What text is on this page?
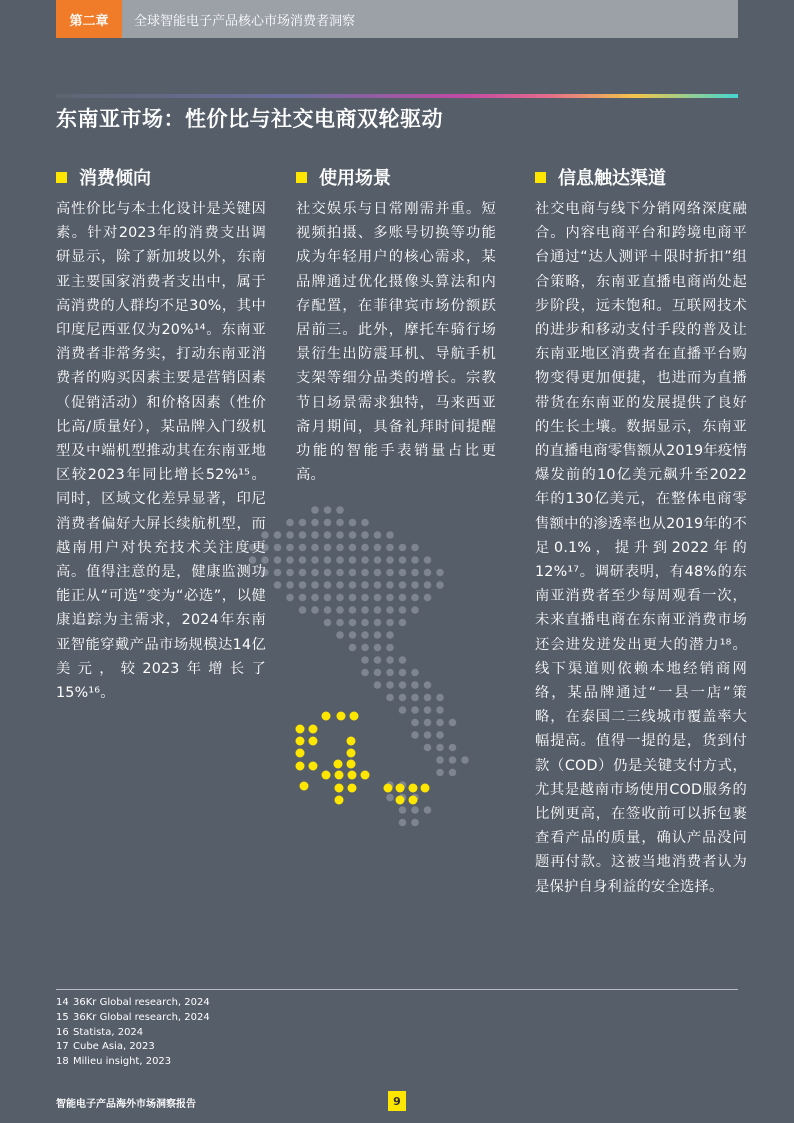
第二章	全球智能电子产品核心市场消费者洞察
东南亚市场：性价比与社交电商双轮驱动
消费倾向

高性价比与本土化设计是关键因素。针对2023年的消费支出调研显示，除了新加坡以外，东南亚主要国家消费者支出中，属于高消费的人群均不足30%，其中印度尼西亚仅为20%¹⁴。东南亚消费者非常务实，打动东南亚消费者的购买因素主要是营销因素（促销活动）和价格因素（性价比高/质量好），某品牌入门级机型及中端机型推动其在东南亚地区较2023年同比增长52%¹⁵。同时，区域文化差异显著，印尼消费者偏好大屏长续航机型，而越南用户对快充技术关注度更高。值得注意的是，健康监测功能正从“可选”变为“必选”，以健康追踪为主需求，2024年东南亚智能穿戴产品市场规模达14亿美元，较2023年增长了15%¹⁶。

使用场景

社交娱乐与日常刚需并重。短视频拍摄、多账号切换等功能成为年轻用户的核心需求，某品牌通过优化摄像头算法和内存配置，在菲律宾市场份额跃居前三。此外，摩托车骑行场景衍生出防震耳机、导航手机支架等细分品类的增长。宗教节日场景需求独特，马来西亚斋月期间，具备礼拜时间提醒功能的智能手表销量占比更高。

信息触达渠道

社交电商与线下分销网络深度融合。内容电商平台和跨境电商平台通过“达人测评＋限时折扣”组合策略，东南亚直播电商尚处起步阶段，远未饱和。互联网技术的进步和移动支付手段的普及让东南亚地区消费者在直播平台购物变得更加便捷，也进而为直播带货在东南亚的发展提供了良好的生长土壤。数据显示，东南亚的直播电商零售额从2019年疫情爆发前的10亿美元飙升至2022年的130亿美元，在整体电商零售额中的渗透率也从2019年的不足0.1%，提升到2022年的12%¹⁷。调研表明，有48%的东南亚消费者至少每周观看一次，未来直播电商在东南亚消费市场还会进发迸发出更大的潜力¹⁸。线下渠道则依赖本地经销商网络，某品牌通过“一县一店”策略，在泰国二三线城市覆盖率大幅提高。值得一提的是，货到付款（COD）仍是关键支付方式，尤其是越南市场使用COD服务的比例更高，在签收前可以拆包裹查看产品的质量，确认产品没问题再付款。这被当地消费者认为是保护自身利益的安全选择。

14 36Kr Global research, 2024
15 36Kr Global research, 2024
16 Statista, 2024
17 Cube Asia, 2023
18 Milieu insight, 2023
智能电子产品海外市场洞察报告	9
